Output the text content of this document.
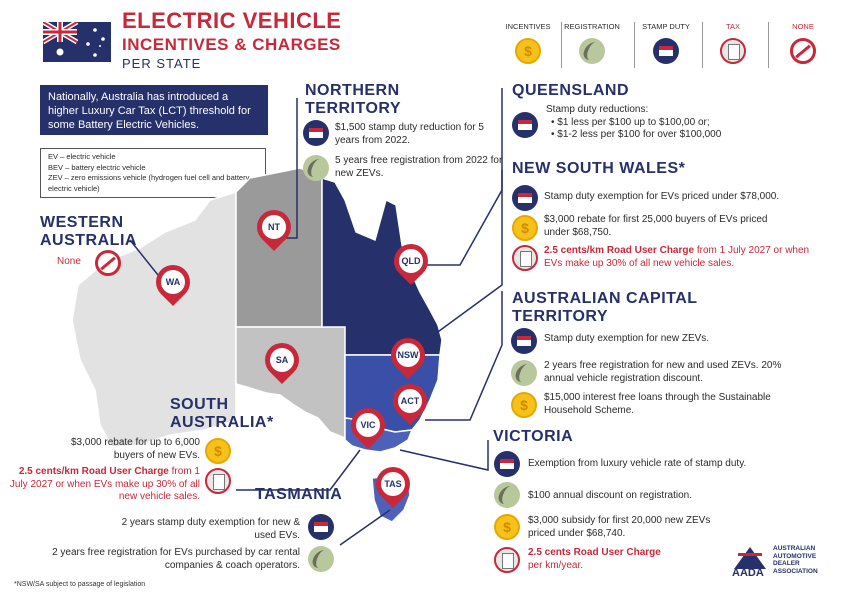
ELECTRIC VEHICLE
INCENTIVES & CHARGES
PER STATE
Nationally, Australia has introduced a higher Luxury Car Tax (LCT) threshold for some Battery Electric Vehicles.
EV – electric vehicle
BEV – battery electric vehicle
ZEV – zero emissions vehicle (hydrogen fuel cell and battery electric vehicle)
INCENTIVES
$	REGISTRATION	STAMP DUTY	TAX	NONE
NT
QLD
WA
SA	NSW
ACT
VIC
TAS
NORTHERN
TERRITORY
$1,500 stamp duty reduction for 5 years from 2022.
5 years free registration from 2022 for new ZEVs.
QUEENSLAND
Stamp duty reductions:
• $1 less per $100 up to $100,00 or;
• $1-2 less per $100 for over $100,000
NEW SOUTH WALES*
Stamp duty exemption for EVs priced under $78,000.
$
$3,000 rebate for first 25,000 buyers of EVs priced under $68,750.
2.5 cents/km Road User Charge from 1 July 2027 or when EVs make up 30% of all new vehicle sales.
WESTERN
AUSTRALIA
None
AUSTRALIAN CAPITAL
TERRITORY
Stamp duty exemption for new ZEVs.
2 years free registration for new and used ZEVs. 20% annual vehicle registration discount.
$
$15,000 interest free loans through the Sustainable Household Scheme.
SOUTH
AUSTRALIA*
$3,000 rebate for up to 6,000 buyers of new EVs.
$
2.5 cents/km Road User Charge from 1 July 2027 or when EVs make up 30% of all new vehicle sales.
VICTORIA
Exemption from luxury vehicle rate of stamp duty.
$100 annual discount on registration.
$
$3,000 subsidy for first 20,000 new ZEVs priced under $68,740.
2.5 cents Road User Charge
per km/year.
TASMANIA
2 years stamp duty exemption for new & used EVs.
2 years free registration for EVs purchased by car rental companies & coach operators.
*NSW/SA subject to passage of legislation
AADA
AUSTRALIAN
AUTOMOTIVE
DEALER
ASSOCIATION
